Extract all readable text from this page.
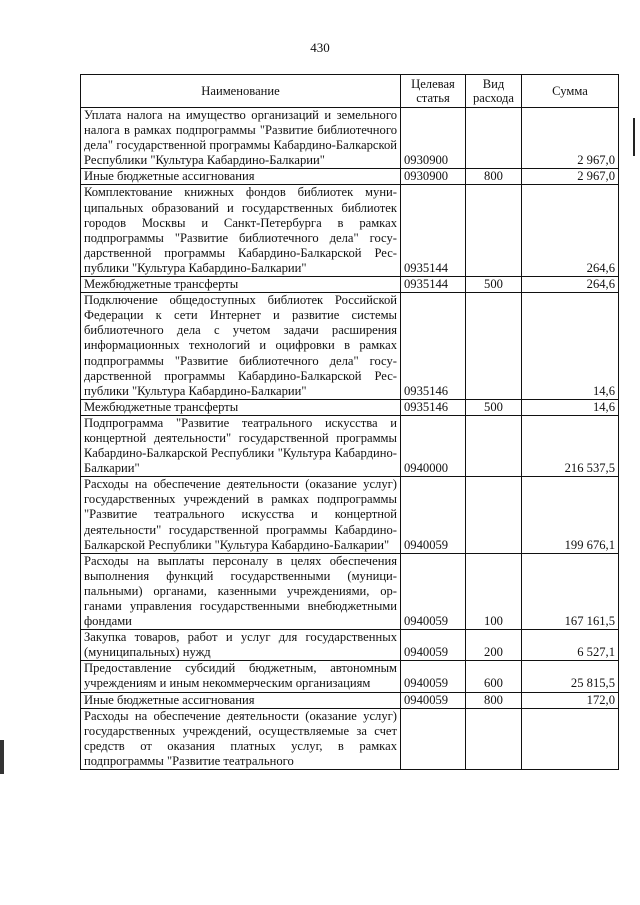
430
Наименование	Целевая статья	Вид расхода	Сумма
Уплата налога на имущество организаций и земельного налога в рамках подпрограммы "Развитие библиотечного дела" государственной программы Кабардино-Балкарской Республики "Культура Кабардино-Балкарии"	0930900		2 967,0
Иные бюджетные ассигнования	0930900	800	2 967,0
Комплектование книжных фондов библиотек муниципальных образований и государственных библиотек городов Москвы и Санкт-Петербурга в рамках подпрограммы "Развитие библиотечного дела" государственной программы Кабардино-Балкарской Республики "Культура Кабардино-Балкарии"	0935144		264,6
Межбюджетные трансферты	0935144	500	264,6
Подключение общедоступных библиотек Российской Федерации к сети Интернет и развитие системы библиотечного дела с учетом задачи расширения информационных технологий и оцифровки в рамках подпрограммы "Развитие библиотечного дела" государственной программы Кабардино-Балкарской Республики "Культура Кабардино-Балкарии"	0935146		14,6
Межбюджетные трансферты	0935146	500	14,6
Подпрограмма "Развитие театрального искусства и концертной деятельности" государственной программы Кабардино-Балкарской Республики "Культура Кабардино-Балкарии"	0940000		216 537,5
Расходы на обеспечение деятельности (оказание услуг) государственных учреждений в рамках подпрограммы "Развитие театрального искусства и концертной деятельности" государственной программы Кабардино-Балкарской Республики "Культура Кабардино-Балкарии"	0940059		199 676,1
Расходы на выплаты персоналу в целях обеспечения выполнения функций государственными (муниципальными) органами, казенными учреждениями, органами управления государственными внебюджетными фондами	0940059	100	167 161,5
Закупка товаров, работ и услуг для государственных (муниципальных) нужд	0940059	200	6 527,1
Предоставление субсидий бюджетным, автономным учреждениям и иным некоммерческим организациям	0940059	600	25 815,5
Иные бюджетные ассигнования	0940059	800	172,0
Расходы на обеспечение деятельности (оказание услуг) государственных учреждений, осуществляемые за счет средств от оказания платных услуг, в рамках подпрограммы "Развитие театрального			
